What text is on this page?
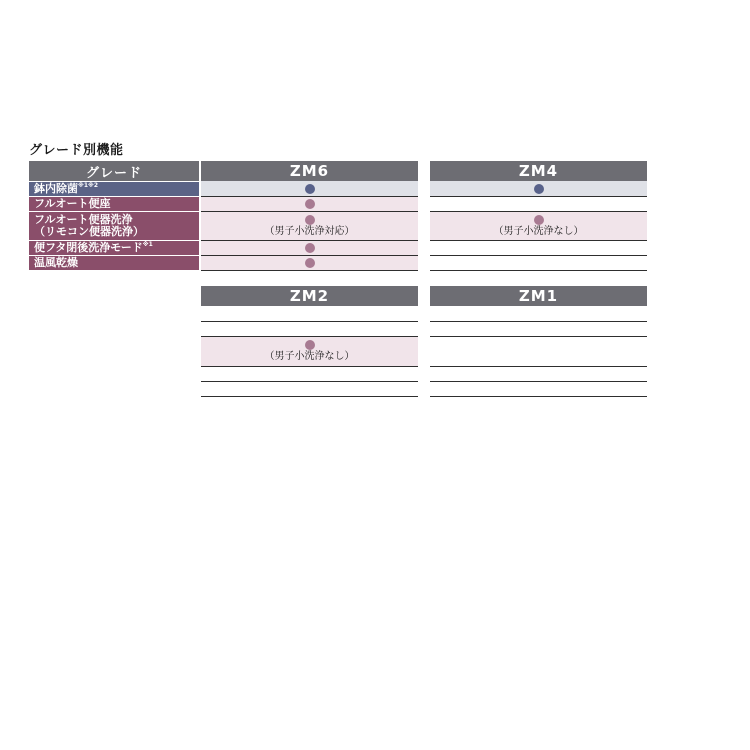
グレード別機能
グレード
鉢内除菌$^{※1※2}$
フルオート便座
フルオート便器洗浄
（リモコン便器洗浄）
便フタ閉後洗浄モード$^{※1}$
温風乾燥
ZM6
（男子小洗浄対応）
ZM4
（男子小洗浄なし）
ZM2
（男子小洗浄なし）
ZM1
